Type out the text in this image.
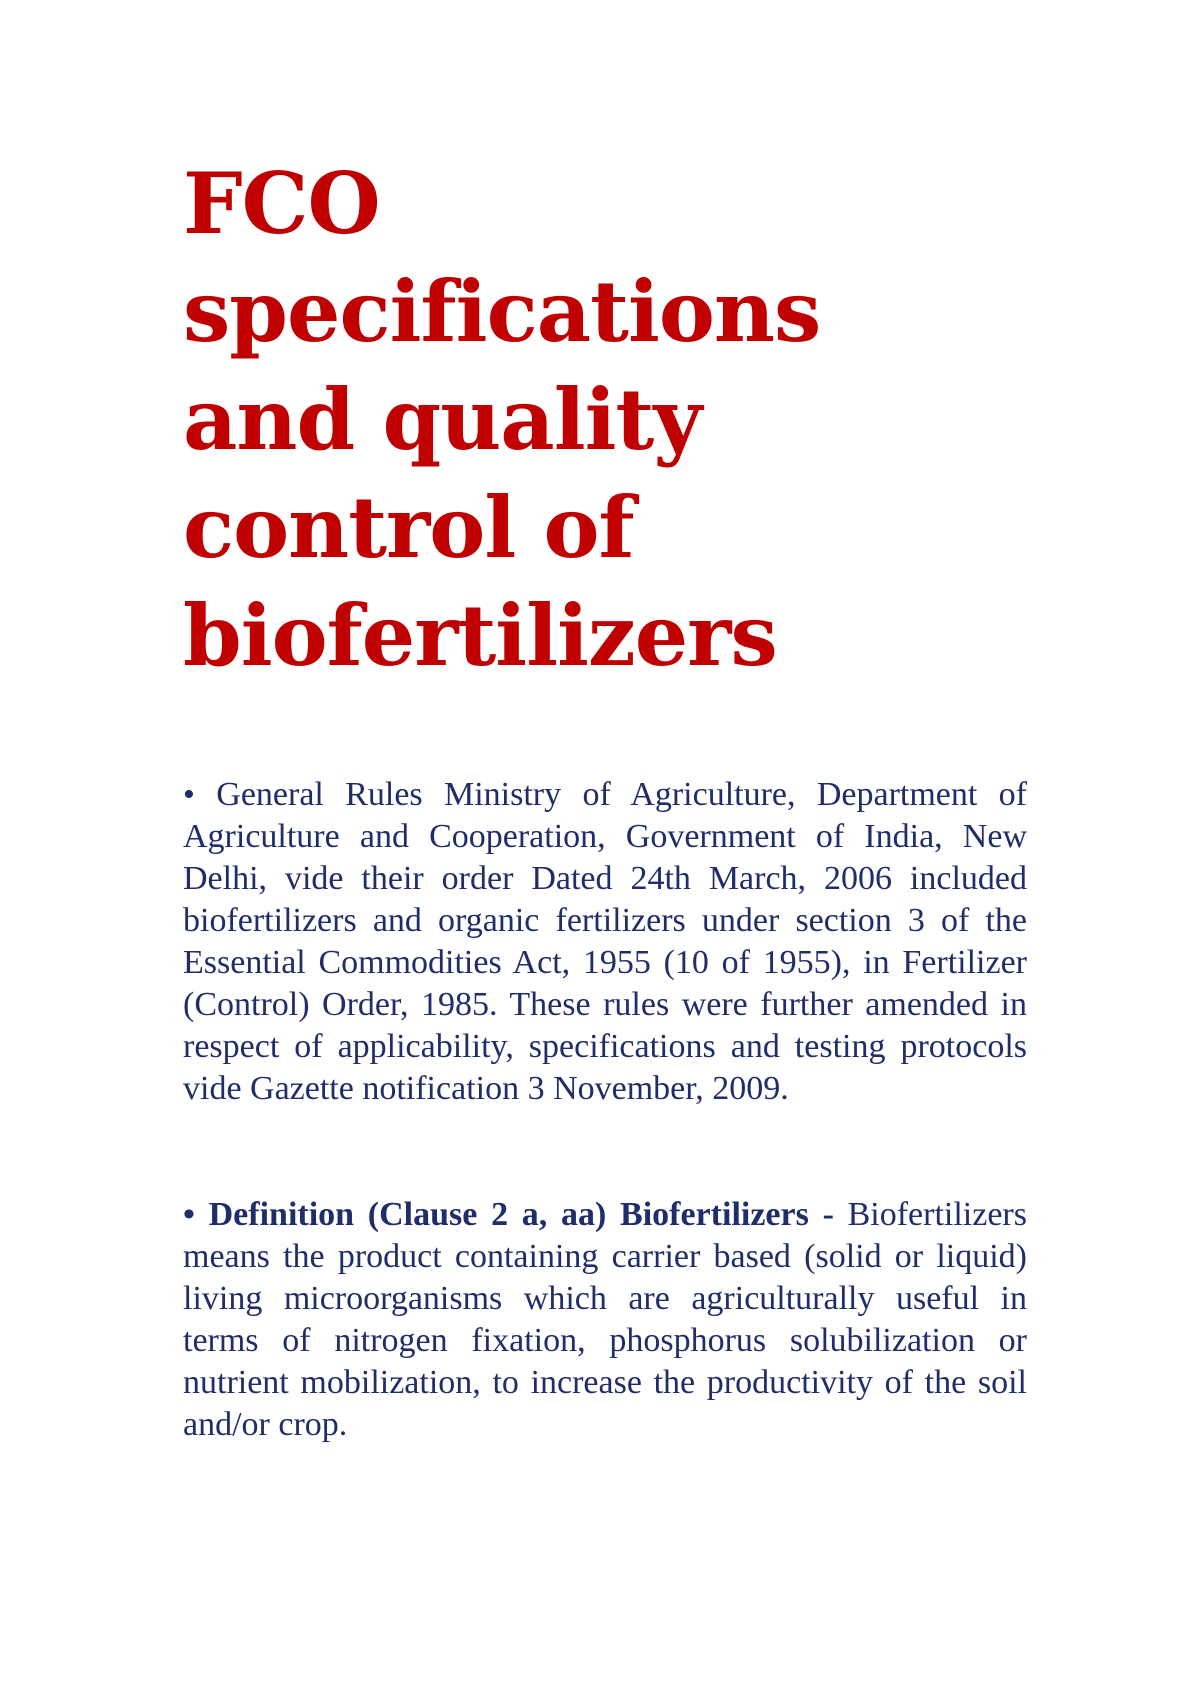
FCO
specifications
and quality
control of
biofertilizers

• General Rules Ministry of Agriculture, Department of Agriculture and Cooperation, Government of India, New Delhi, vide their order Dated 24th March, 2006 included biofertilizers and organic fertilizers under section 3 of the Essential Commodities Act, 1955 (10 of 1955), in Fertilizer (Control) Order, 1985. These rules were further amended in respect of applicability, specifications and testing protocols vide Gazette notification 3 November, 2009.

• Definition (Clause 2 a, aa) Biofertilizers - Biofertilizers means the product containing carrier based (solid or liquid) living microorganisms which are agriculturally useful in terms of nitrogen fixation, phosphorus solubilization or nutrient mobilization, to increase the productivity of the soil and/or crop.
